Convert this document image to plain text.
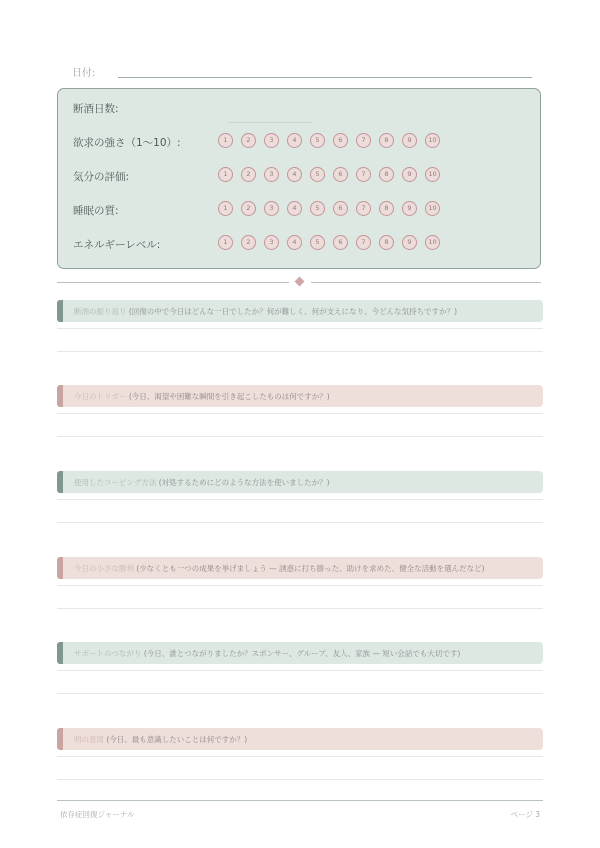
日付:
断酒日数:
欲求の強さ（1〜10）:	1	2	3	4	5	6	7	8	9	10
気分の評価:	1	2	3	4	5	6	7	8	9	10
睡眠の質:	1	2	3	4	5	6	7	8	9	10
エネルギーレベル:	1	2	3	4	5	6	7	8	9	10
断酒の振り返り (回復の中で今日はどんな一日でしたか？何が難しく、何が支えになり、今どんな気持ちですか？)
今日のトリガー (今日、渇望や困難な瞬間を引き起こしたものは何ですか？)
使用したコーピング方法 (対処するためにどのような方法を使いましたか？)
今日の小さな勝利 (少なくとも一つの成果を挙げましょう — 誘惑に打ち勝った、助けを求めた、健全な活動を選んだなど)
サポートのつながり (今日、誰とつながりましたか？スポンサー、グループ、友人、家族 — 短い会話でも大切です)
明の意図 (今日、最も意識したいことは何ですか？)
依存症回復ジャーナル	ページ 3
